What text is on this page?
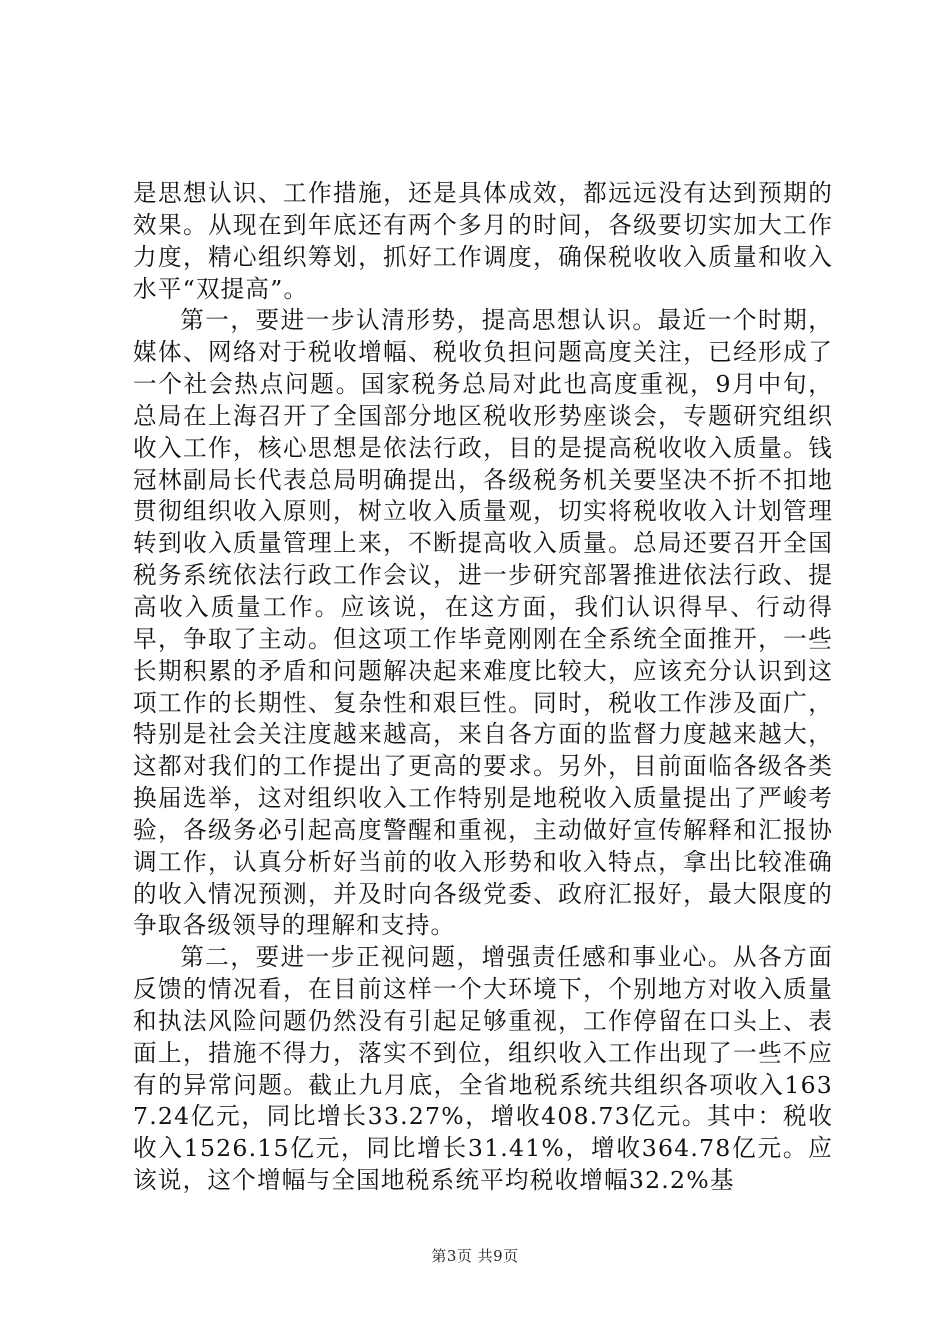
是思想认识、工作措施，还是具体成效，都远远没有达到预期的效果。从现在到年底还有两个多月的时间，各级要切实加大工作力度，精心组织筹划，抓好工作调度，确保税收收入质量和收入水平“双提高”。

第一，要进一步认清形势，提高思想认识。最近一个时期，媒体、网络对于税收增幅、税收负担问题高度关注，已经形成了一个社会热点问题。国家税务总局对此也高度重视，9月中旬，总局在上海召开了全国部分地区税收形势座谈会，专题研究组织收入工作，核心思想是依法行政，目的是提高税收收入质量。钱冠林副局长代表总局明确提出，各级税务机关要坚决不折不扣地贯彻组织收入原则，树立收入质量观，切实将税收收入计划管理转到收入质量管理上来，不断提高收入质量。总局还要召开全国税务系统依法行政工作会议，进一步研究部署推进依法行政、提高收入质量工作。应该说，在这方面，我们认识得早、行动得早，争取了主动。但这项工作毕竟刚刚在全系统全面推开，一些长期积累的矛盾和问题解决起来难度比较大，应该充分认识到这项工作的长期性、复杂性和艰巨性。同时，税收工作涉及面广，特别是社会关注度越来越高，来自各方面的监督力度越来越大，这都对我们的工作提出了更高的要求。另外，目前面临各级各类换届选举，这对组织收入工作特别是地税收入质量提出了严峻考验，各级务必引起高度警醒和重视，主动做好宣传解释和汇报协调工作，认真分析好当前的收入形势和收入特点，拿出比较准确的收入情况预测，并及时向各级党委、政府汇报好，最大限度的争取各级领导的理解和支持。

第二，要进一步正视问题，增强责任感和事业心。从各方面反馈的情况看，在目前这样一个大环境下，个别地方对收入质量和执法风险问题仍然没有引起足够重视，工作停留在口头上、表面上，措施不得力，落实不到位，组织收入工作出现了一些不应有的异常问题。截止九月底，全省地税系统共组织各项收入1637.24亿元，同比增长33.27%，增收408.73亿元。其中：税收收入1526.15亿元，同比增长31.41%，增收364.78亿元。应该说，这个增幅与全国地税系统平均税收增幅32.2%基

第3页 共9页
